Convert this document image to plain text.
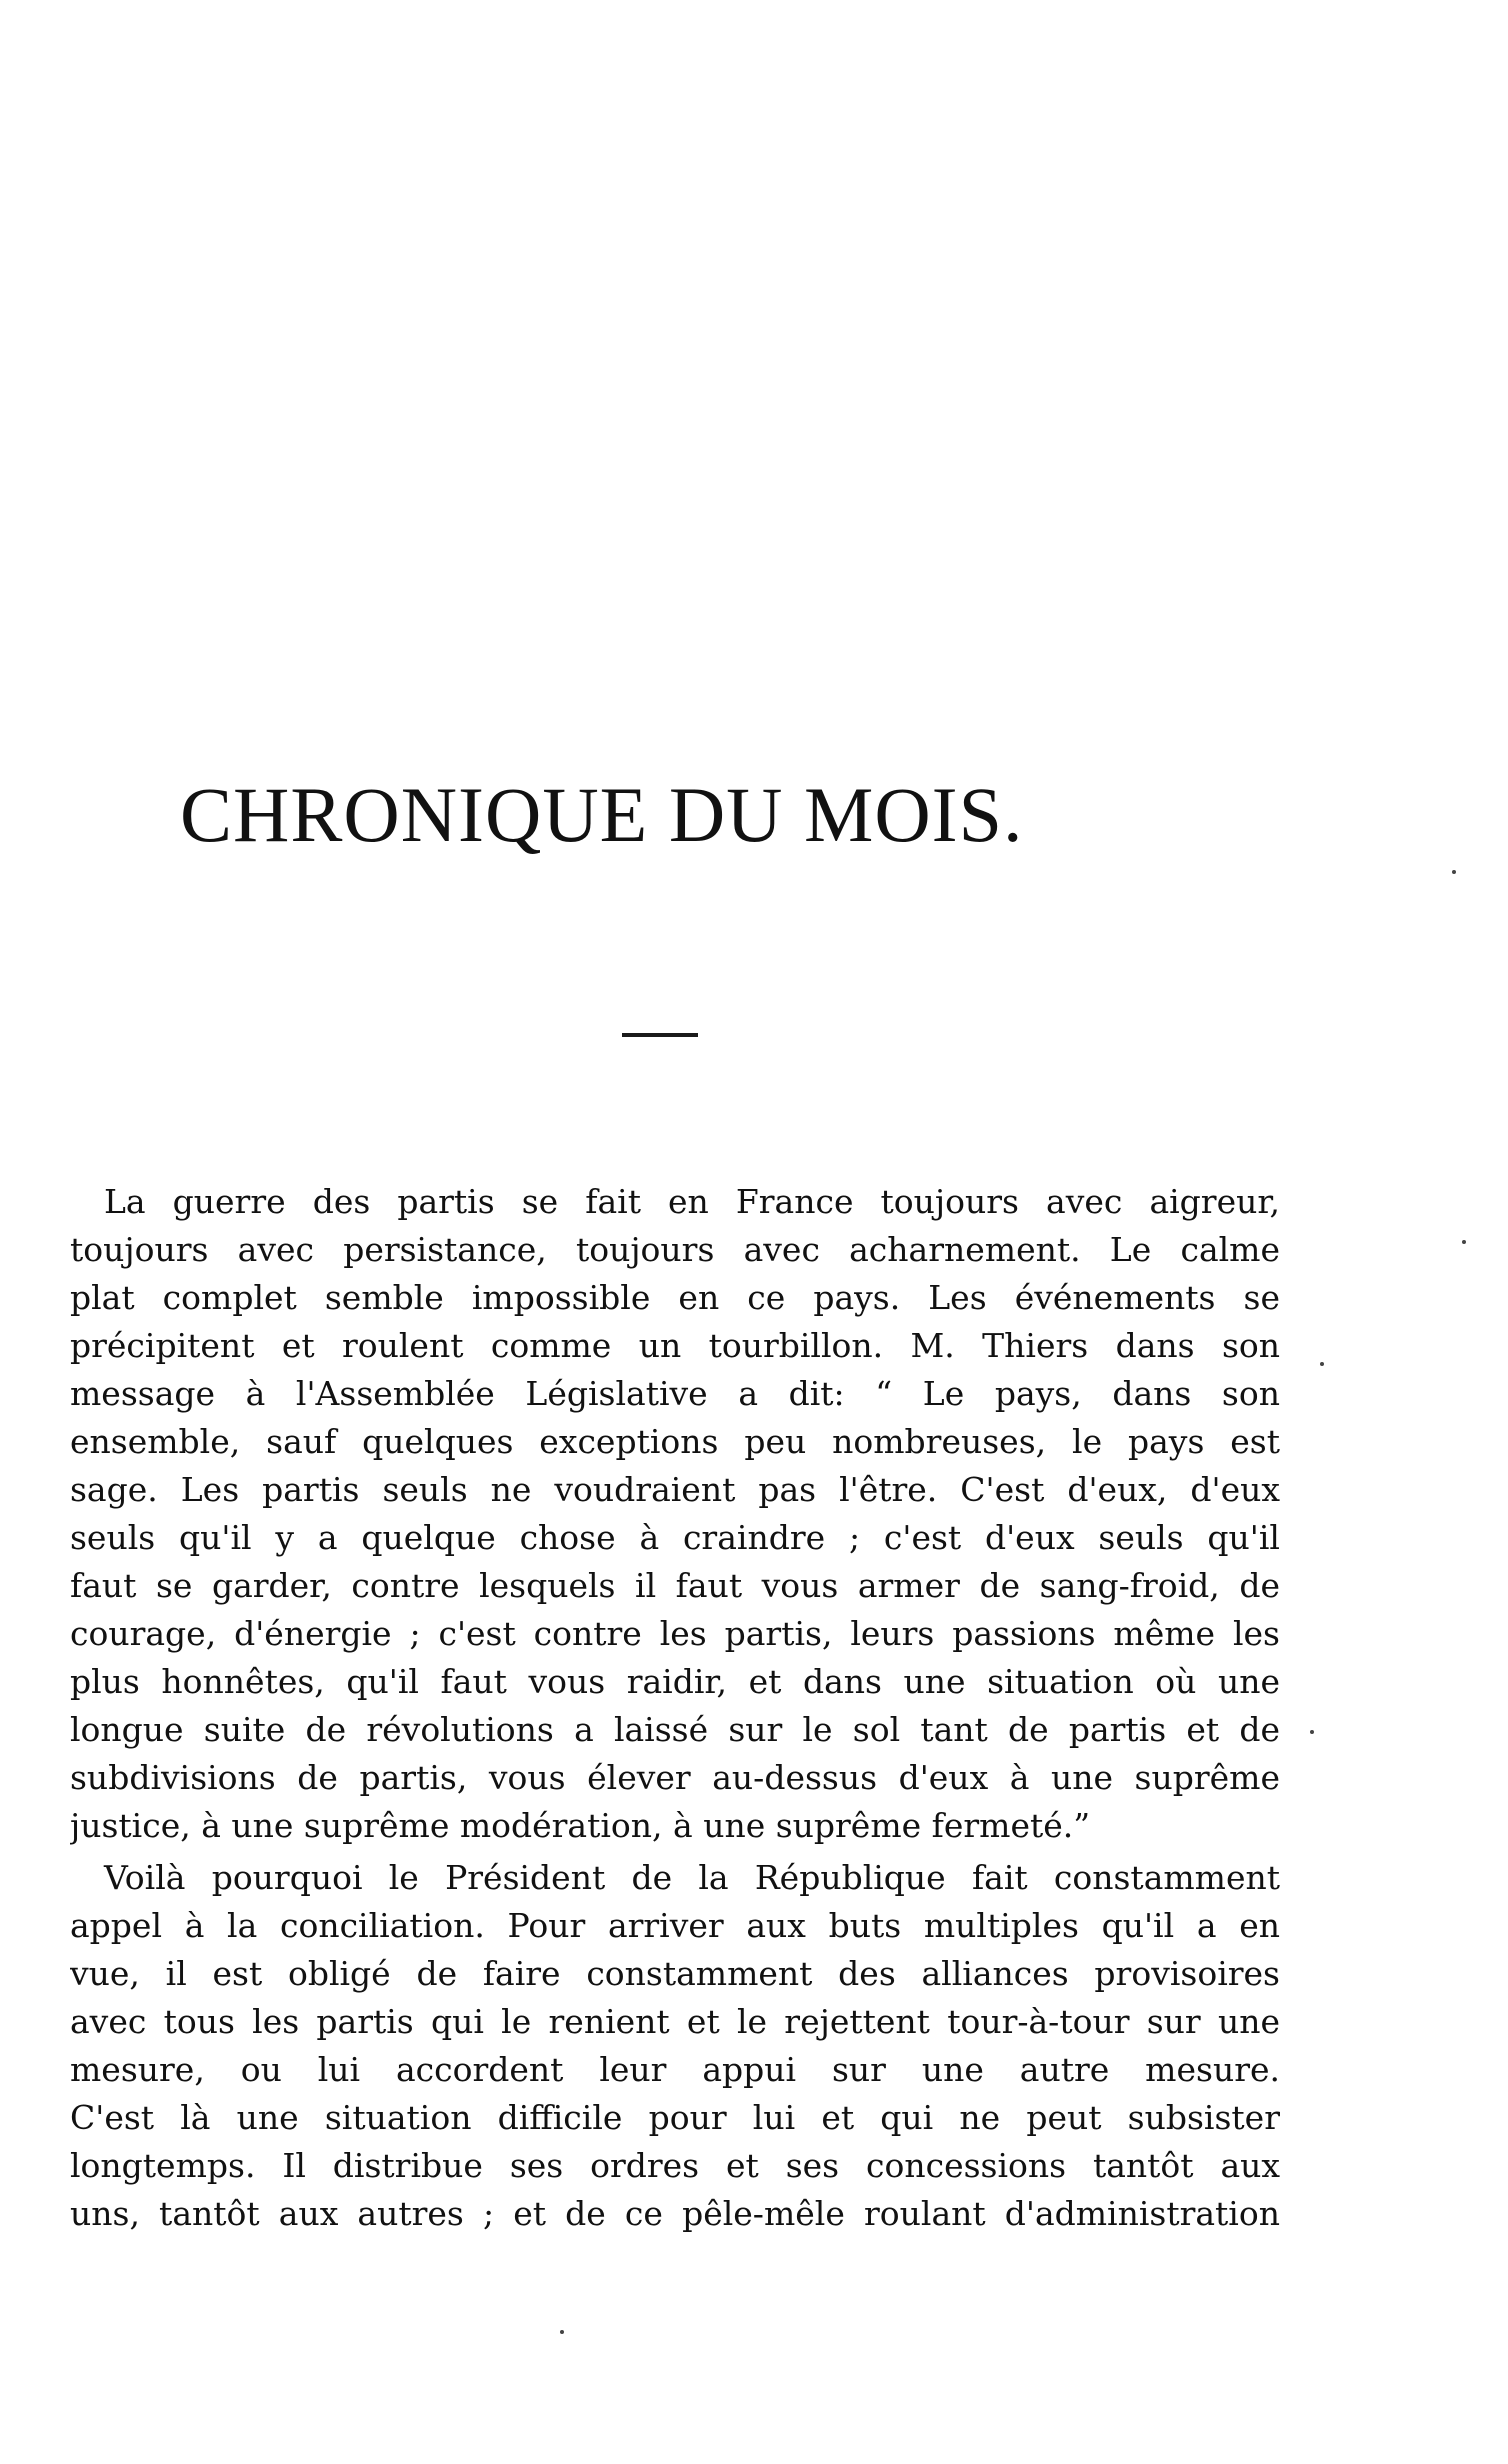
CHRONIQUE DU MOIS.
La guerre des partis se fait en France toujours avec aigreur,
toujours avec persistance, toujours avec acharnement. Le calme
plat complet semble impossible en ce pays. Les événements se
précipitent et roulent comme un tourbillon. M. Thiers dans son
message à l'Assemblée Législative a dit: “ Le pays, dans son
ensemble, sauf quelques exceptions peu nombreuses, le pays est
sage. Les partis seuls ne voudraient pas l'être. C'est d'eux, d'eux
seuls qu'il y a quelque chose à craindre ; c'est d'eux seuls qu'il
faut se garder, contre lesquels il faut vous armer de sang-froid, de
courage, d'énergie ; c'est contre les partis, leurs passions même les
plus honnêtes, qu'il faut vous raidir, et dans une situation où une
longue suite de révolutions a laissé sur le sol tant de partis et de
subdivisions de partis, vous élever au-dessus d'eux à une suprême
justice, à une suprême modération, à une suprême fermeté.”
Voilà pourquoi le Président de la République fait constamment
appel à la conciliation. Pour arriver aux buts multiples qu'il a en
vue, il est obligé de faire constamment des alliances provisoires
avec tous les partis qui le renient et le rejettent tour-à-tour sur une
mesure, ou lui accordent leur appui sur une autre mesure.
C'est là une situation difficile pour lui et qui ne peut subsister
longtemps. Il distribue ses ordres et ses concessions tantôt aux
uns, tantôt aux autres ; et de ce pêle-mêle roulant d'administration
